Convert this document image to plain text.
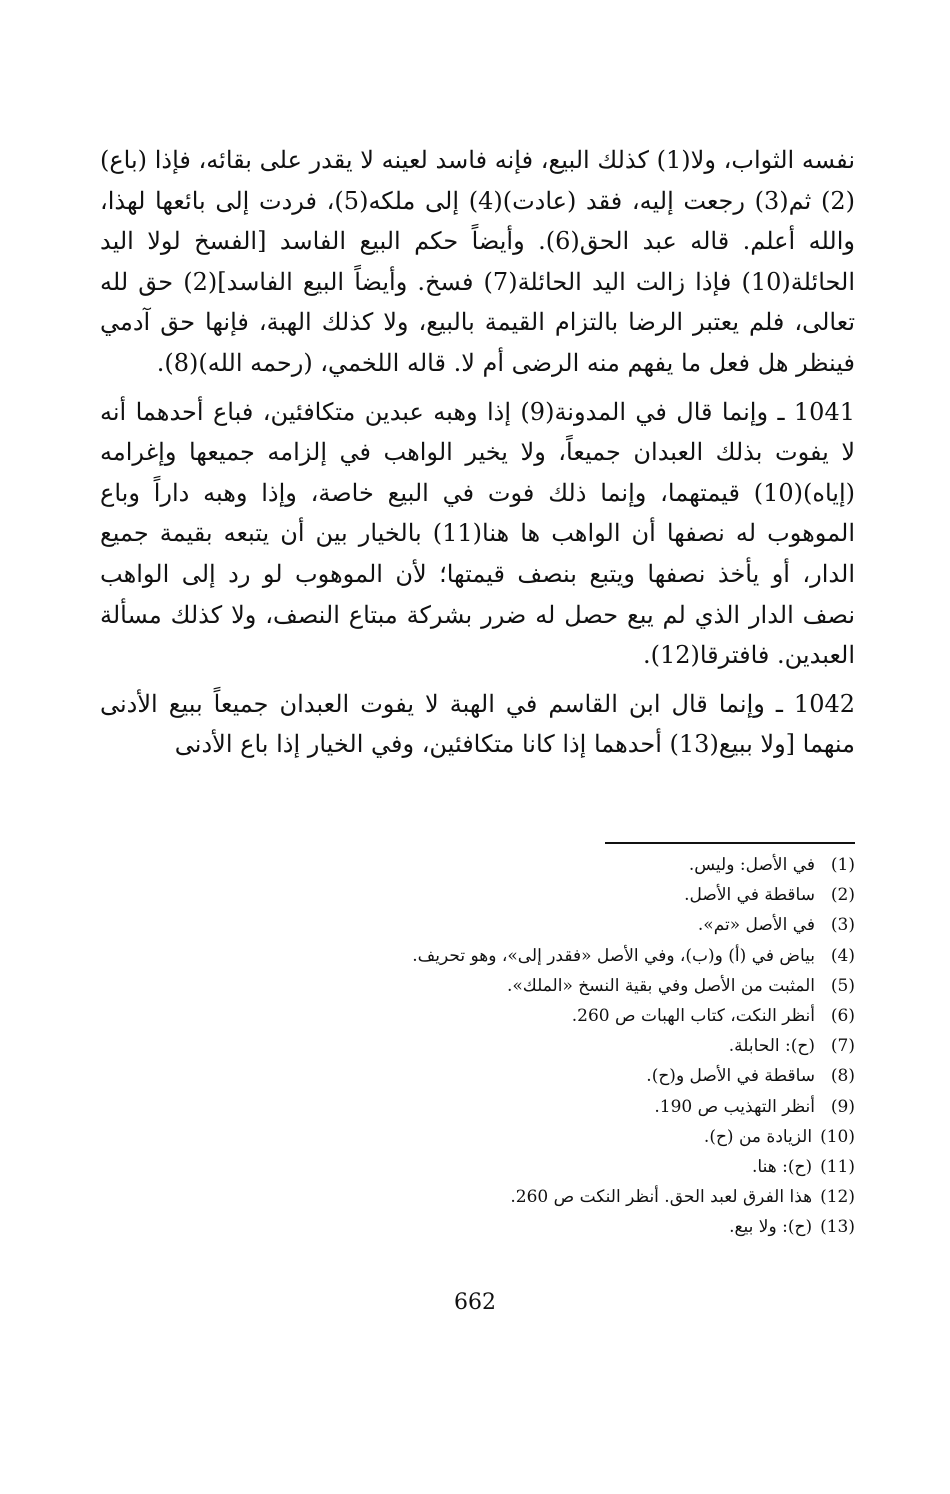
نفسه الثواب، ولا(1) كذلك البيع، فإنه فاسد لعينه لا يقدر على بقائه، فإذا (باع)(2) ثم(3) رجعت إليه، فقد (عادت)(4) إلى ملكه(5)، فردت إلى بائعها لهذا، والله أعلم. قاله عبد الحق(6). وأيضاً حكم البيع الفاسد [الفسخ لولا اليد الحائلة(10) فإذا زالت اليد الحائلة(7) فسخ. وأيضاً البيع الفاسد](2) حق لله تعالى، فلم يعتبر الرضا بالتزام القيمة بالبيع، ولا كذلك الهبة، فإنها حق آدمي فينظر هل فعل ما يفهم منه الرضى أم لا. قاله اللخمي، (رحمه الله)(8).

1041 ـ وإنما قال في المدونة(9) إذا وهبه عبدين متكافئين، فباع أحدهما أنه لا يفوت بذلك العبدان جميعاً، ولا يخير الواهب في إلزامه جميعها وإغرامه (إياه)(10) قيمتهما، وإنما ذلك فوت في البيع خاصة، وإذا وهبه داراً وباع الموهوب له نصفها أن الواهب ها هنا(11) بالخيار بين أن يتبعه بقيمة جميع الدار، أو يأخذ نصفها ويتبع بنصف قيمتها؛ لأن الموهوب لو رد إلى الواهب نصف الدار الذي لم يبع حصل له ضرر بشركة مبتاع النصف، ولا كذلك مسألة العبدين. فافترقا(12).

1042 ـ وإنما قال ابن القاسم في الهبة لا يفوت العبدان جميعاً ببيع الأدنى منهما [ولا ببيع(13) أحدهما إذا كانا متكافئين، وفي الخيار إذا باع الأدنى

(1)
في الأصل: وليس.
(2)
ساقطة في الأصل.
(3)
في الأصل «تم».
(4)
بياض في (أ) و(ب)، وفي الأصل «فقدر إلى»، وهو تحريف.
(5)
المثبت من الأصل وفي بقية النسخ «الملك».
(6)
أنظر النكت، كتاب الهبات ص 260.
(7)
(ح): الحابلة.
(8)
ساقطة في الأصل و(ح).
(9)
أنظر التهذيب ص 190.
(10)
الزيادة من (ح).
(11)
(ح): هنا.
(12)
هذا الفرق لعبد الحق. أنظر النكت ص 260.
(13)
(ح): ولا بيع.
662
